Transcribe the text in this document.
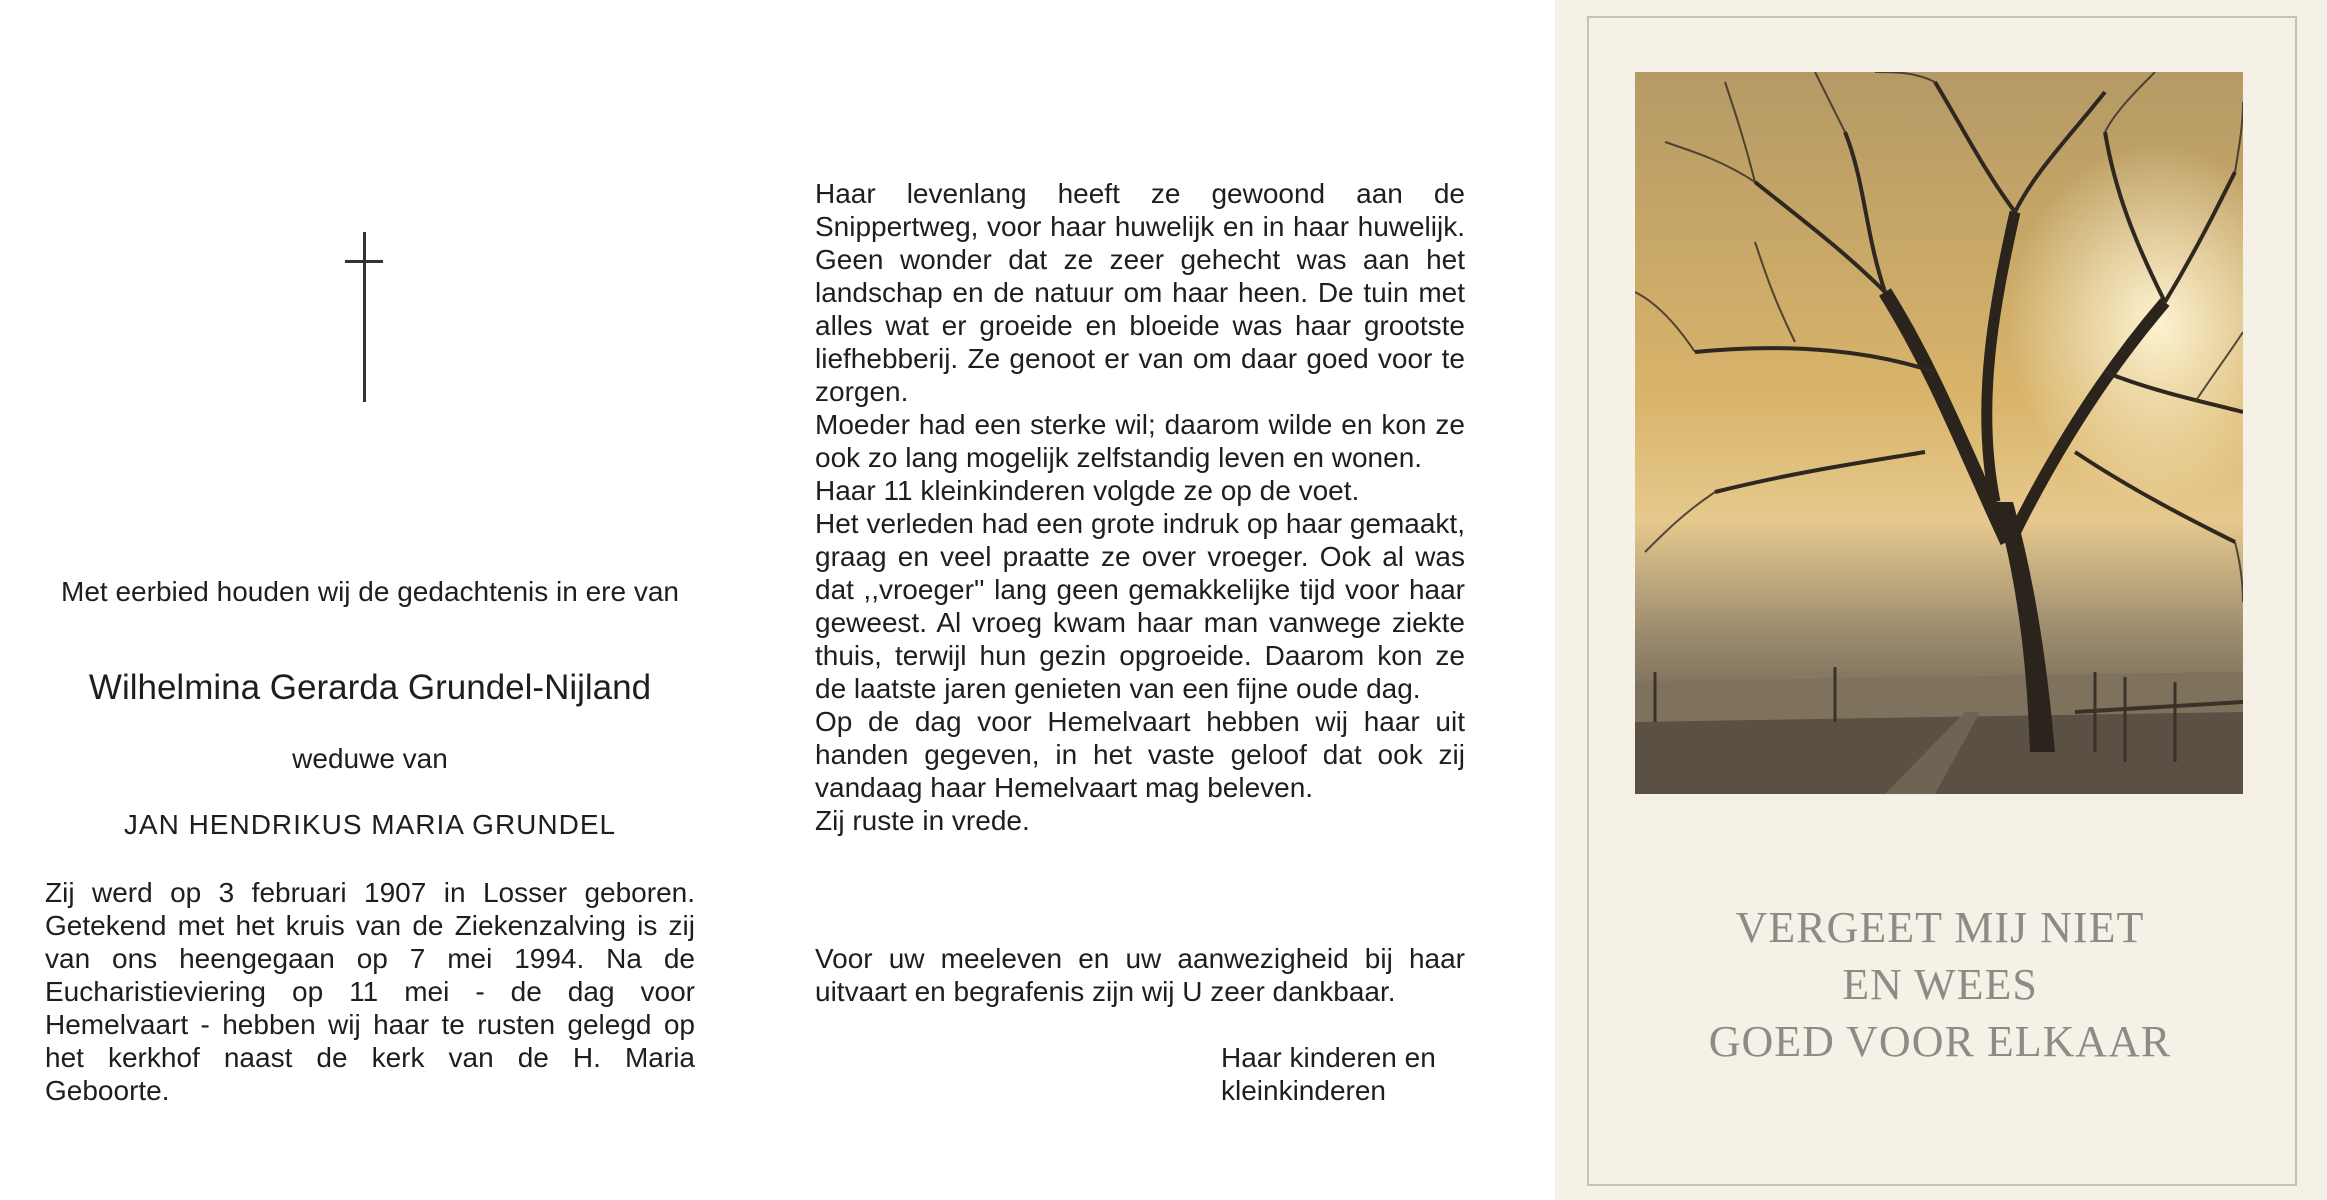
Met eerbied houden wij de gedachtenis in ere van
Wilhelmina Gerarda Grundel-Nijland
weduwe van
JAN HENDRIKUS MARIA GRUNDEL

Zij werd op 3 februari 1907 in Losser geboren. Getekend met het kruis van de Ziekenzalving is zij van ons heengegaan op 7 mei 1994. Na de Eucharistieviering op 11 mei - de dag voor Hemelvaart - hebben wij haar te rusten gelegd op het kerkhof naast de kerk van de H. Maria Geboorte.

Haar levenlang heeft ze gewoond aan de Snippertweg, voor haar huwelijk en in haar huwelijk. Geen wonder dat ze zeer gehecht was aan het landschap en de natuur om haar heen. De tuin met alles wat er groeide en bloeide was haar grootste liefhebberij. Ze genoot er van om daar goed voor te zorgen.

Moeder had een sterke wil; daarom wilde en kon ze ook zo lang mogelijk zelfstandig leven en wonen.

Haar 11 kleinkinderen volgde ze op de voet.

Het verleden had een grote indruk op haar gemaakt, graag en veel praatte ze over vroeger. Ook al was dat ,,vroeger'' lang geen gemakkelijke tijd voor haar geweest. Al vroeg kwam haar man vanwege ziekte thuis, terwijl hun gezin opgroeide. Daarom kon ze de laatste jaren genieten van een fijne oude dag.

Op de dag voor Hemelvaart hebben wij haar uit handen gegeven, in het vaste geloof dat ook zij vandaag haar Hemelvaart mag beleven.

Zij ruste in vrede.

Voor uw meeleven en uw aanwezigheid bij haar uitvaart en begrafenis zijn wij U zeer dankbaar.

Haar kinderen en
kleinkinderen
VERGEET MIJ NIET
EN WEES
GOED VOOR ELKAAR
